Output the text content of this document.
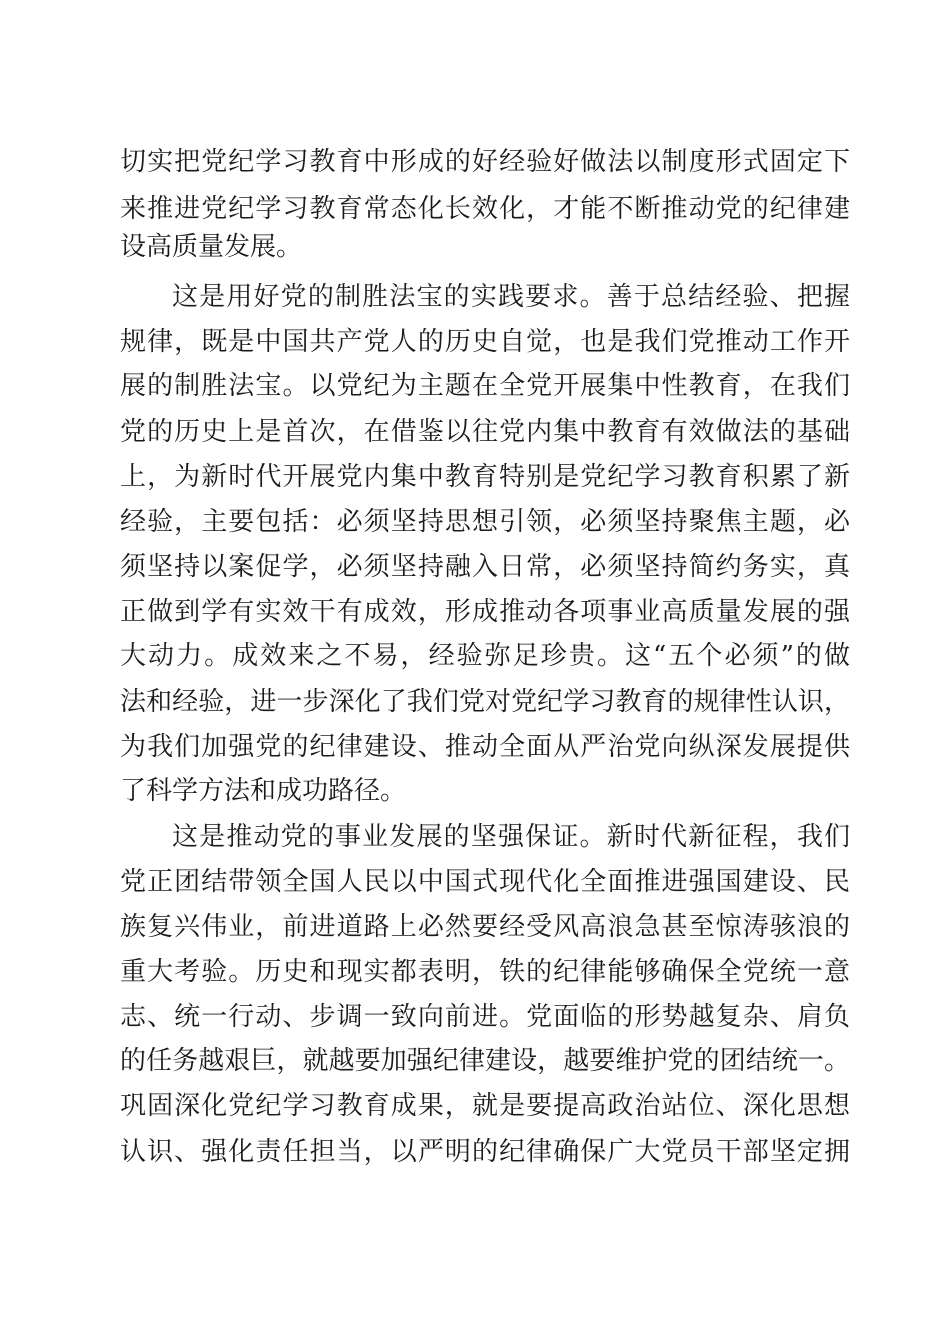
切实把党纪学习教育中形成的好经验好做法以制度形式固定下
来推进党纪学习教育常态化长效化，才能不断推动党的纪律建
设高质量发展。
这是用好党的制胜法宝的实践要求。善于总结经验、把握
规律，既是中国共产党人的历史自觉，也是我们党推动工作开
展的制胜法宝。以党纪为主题在全党开展集中性教育，在我们
党的历史上是首次，在借鉴以往党内集中教育有效做法的基础
上，为新时代开展党内集中教育特别是党纪学习教育积累了新
经验，主要包括：必须坚持思想引领，必须坚持聚焦主题，必
须坚持以案促学，必须坚持融入日常，必须坚持简约务实，真
正做到学有实效干有成效，形成推动各项事业高质量发展的强
大动力。成效来之不易，经验弥足珍贵。这“五个必须”的做
法和经验，进一步深化了我们党对党纪学习教育的规律性认识，
为我们加强党的纪律建设、推动全面从严治党向纵深发展提供
了科学方法和成功路径。
这是推动党的事业发展的坚强保证。新时代新征程，我们
党正团结带领全国人民以中国式现代化全面推进强国建设、民
族复兴伟业，前进道路上必然要经受风高浪急甚至惊涛骇浪的
重大考验。历史和现实都表明，铁的纪律能够确保全党统一意
志、统一行动、步调一致向前进。党面临的形势越复杂、肩负
的任务越艰巨，就越要加强纪律建设，越要维护党的团结统一。
巩固深化党纪学习教育成果，就是要提高政治站位、深化思想
认识、强化责任担当，以严明的纪律确保广大党员干部坚定拥
